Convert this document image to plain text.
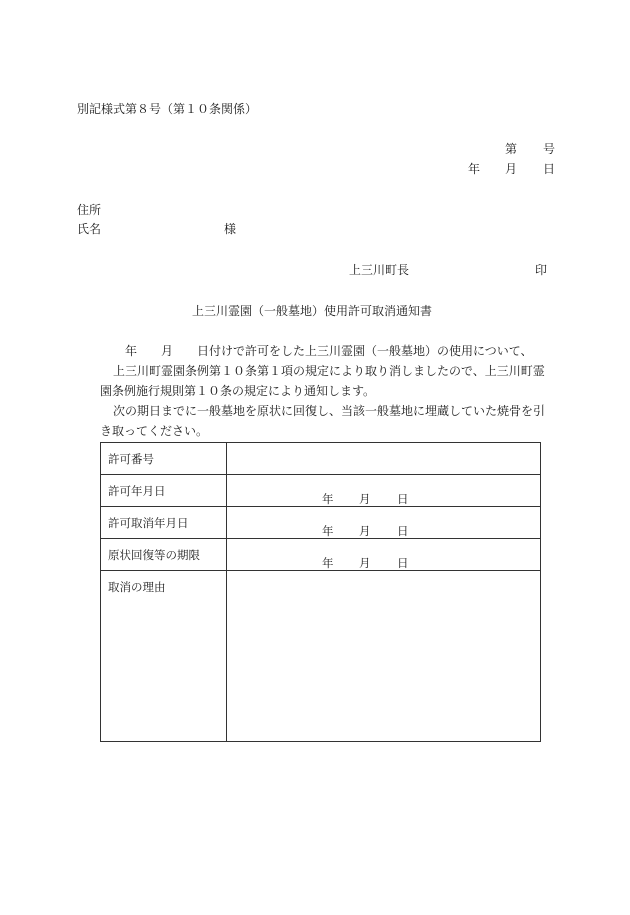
別記様式第８号（第１０条関係）
第 号
年 月 日
住所
氏名	様
上三川町長	印
上三川霊園（一般墓地）使用許可取消通知書
年　　月　　日付けで許可をした上三川霊園（一般墓地）の使用について、
上三川町霊園条例第１０条第１項の規定により取り消しましたので、上三川町霊
園条例施行規則第１０条の規定により通知します。
次の期日までに一般墓地を原状に回復し、当該一般墓地に埋蔵していた焼骨を引
き取ってください。
許可番号	
許可年月日	年 月 日

許可取消年月日	年 月 日

原状回復等の期限	年 月 日

取消の理由	
